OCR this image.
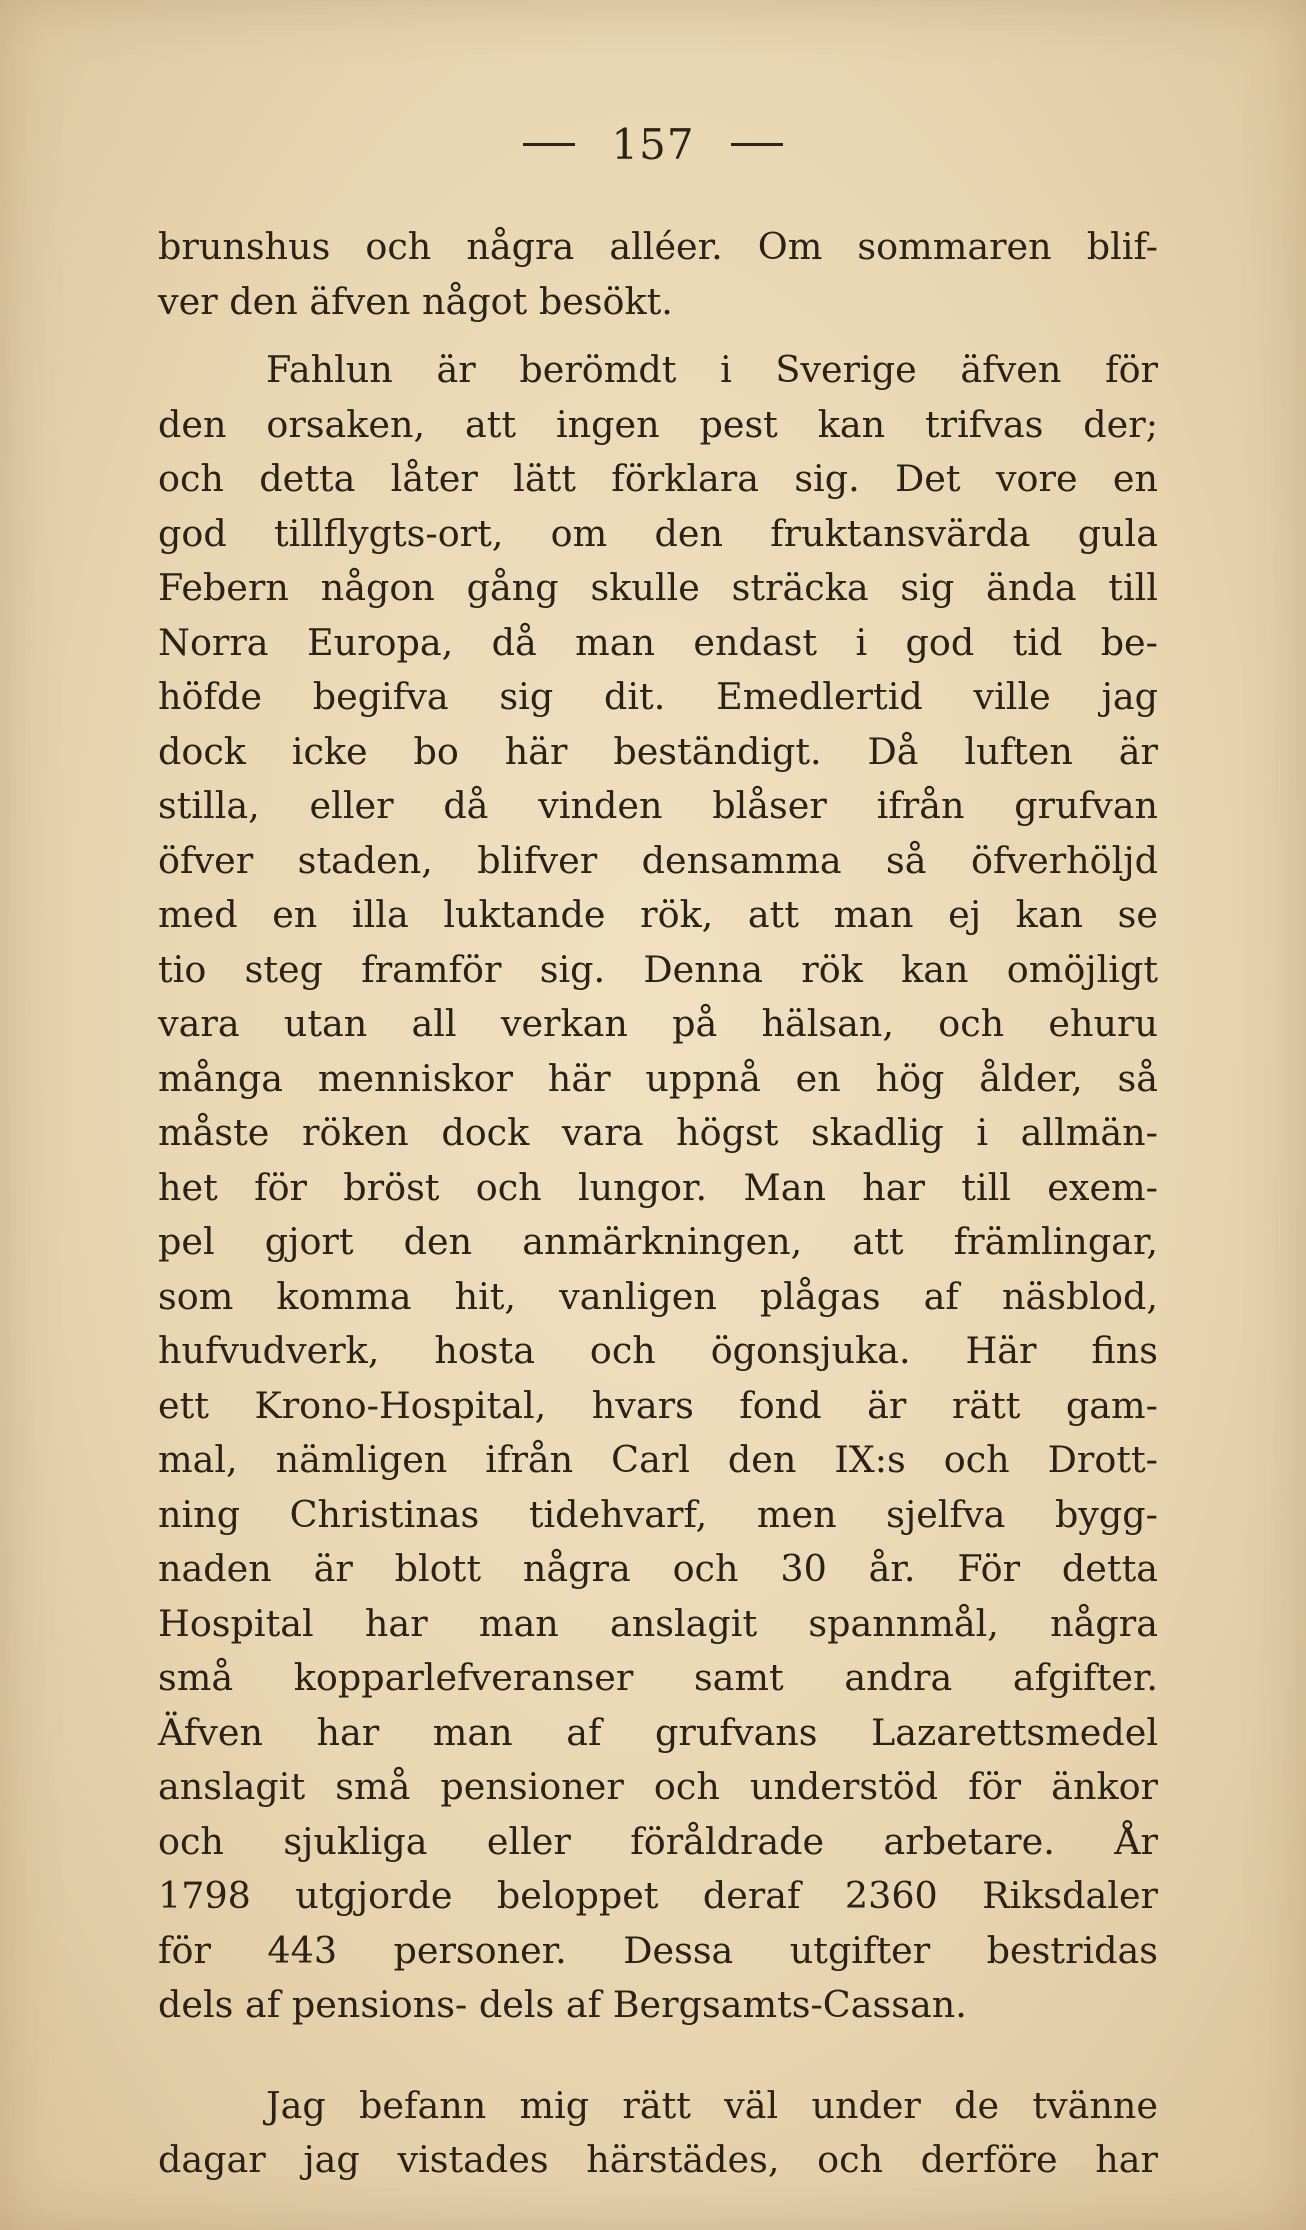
157
brunshus och några alléer. Om sommaren blif-
ver den äfven något besökt.
Fahlun är berömdt i Sverige äfven för
den orsaken, att ingen pest kan trifvas der;
och detta låter lätt förklara sig. Det vore en
god tillflygts-ort, om den fruktansvärda gula
Febern någon gång skulle sträcka sig ända till
Norra Europa, då man endast i god tid be-
höfde begifva sig dit. Emedlertid ville jag
dock icke bo här beständigt. Då luften är
stilla, eller då vinden blåser ifrån grufvan
öfver staden, blifver densamma så öfverhöljd
med en illa luktande rök, att man ej kan se
tio steg framför sig. Denna rök kan omöjligt
vara utan all verkan på hälsan, och ehuru
många menniskor här uppnå en hög ålder, så
måste röken dock vara högst skadlig i allmän-
het för bröst och lungor. Man har till exem-
pel gjort den anmärkningen, att främlingar,
som komma hit, vanligen plågas af näsblod,
hufvudverk, hosta och ögonsjuka. Här fins
ett Krono-Hospital, hvars fond är rätt gam-
mal, nämligen ifrån Carl den IX:s och Drott-
ning Christinas tidehvarf, men sjelfva bygg-
naden är blott några och 30 år. För detta
Hospital har man anslagit spannmål, några
små kopparlefveranser samt andra afgifter.
Äfven har man af grufvans Lazarettsmedel
anslagit små pensioner och understöd för änkor
och sjukliga eller föråldrade arbetare. År
1798 utgjorde beloppet deraf 2360 Riksdaler
för 443 personer. Dessa utgifter bestridas
dels af pensions- dels af Bergsamts-Cassan.
Jag befann mig rätt väl under de tvänne
dagar jag vistades härstädes, och derföre har
